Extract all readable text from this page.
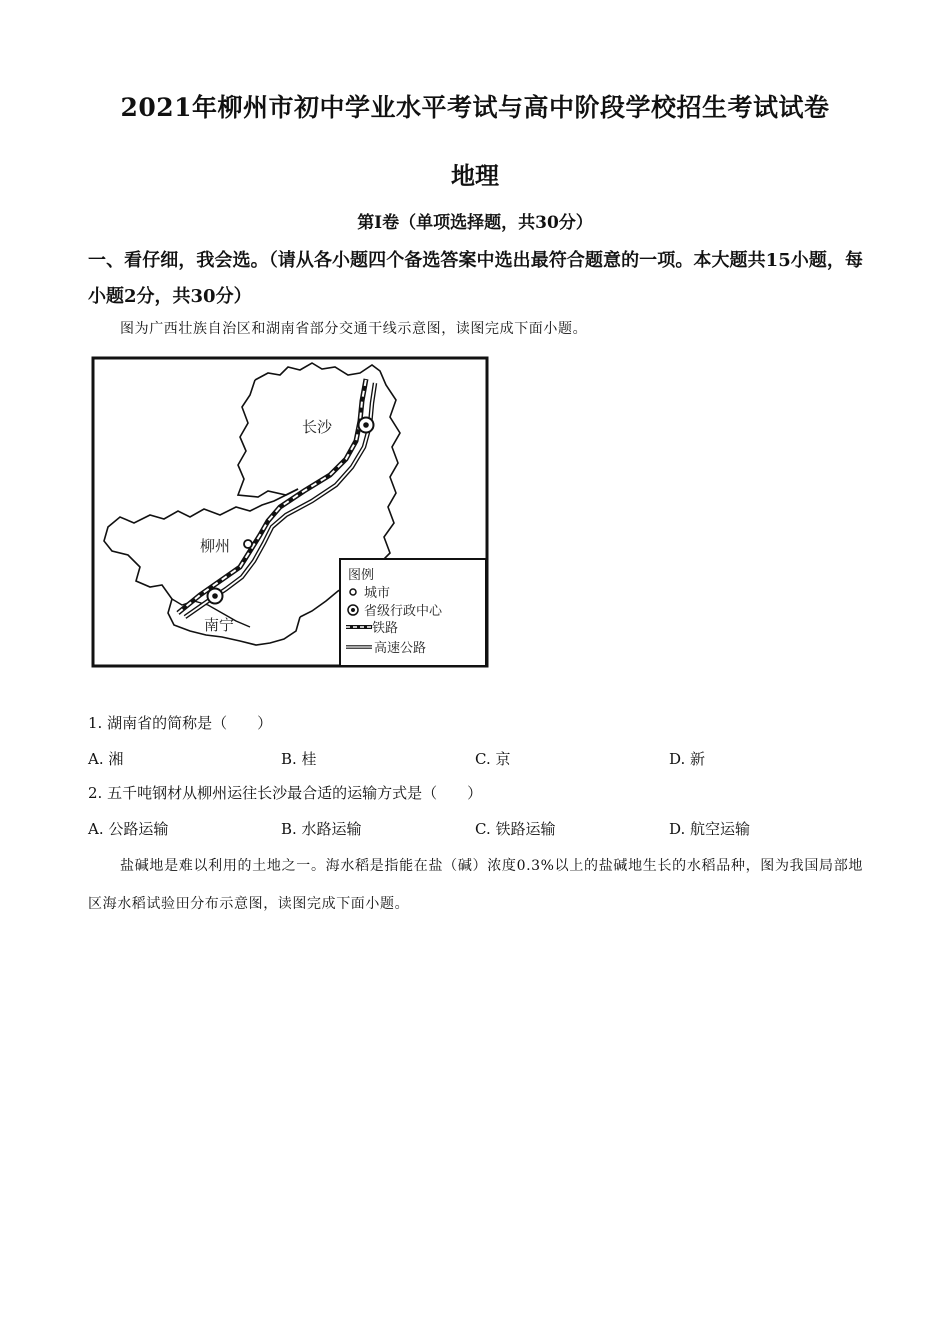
2021年柳州市初中学业水平考试与高中阶段学校招生考试试卷
地理
第Ⅰ卷（单项选择题，共30分）
一、看仔细，我会选。（请从各小题四个备选答案中选出最符合题意的一项。本大题共15小题，每小题2分，共30分）
图为广西壮族自治区和湖南省部分交通干线示意图，读图完成下面小题。
长沙
柳州
南宁
图例
城市
省级行政中心
铁路
高速公路
1. 湖南省的简称是（　　）
A. 湘	B. 桂	C. 京	D. 新
2. 五千吨钢材从柳州运往长沙最合适的运输方式是（　　）
A. 公路运输	B. 水路运输	C. 铁路运输	D. 航空运输
盐碱地是难以利用的土地之一。海水稻是指能在盐（碱）浓度0.3%以上的盐碱地生长的水稻品种，图为我国局部地区海水稻试验田分布示意图，读图完成下面小题。
